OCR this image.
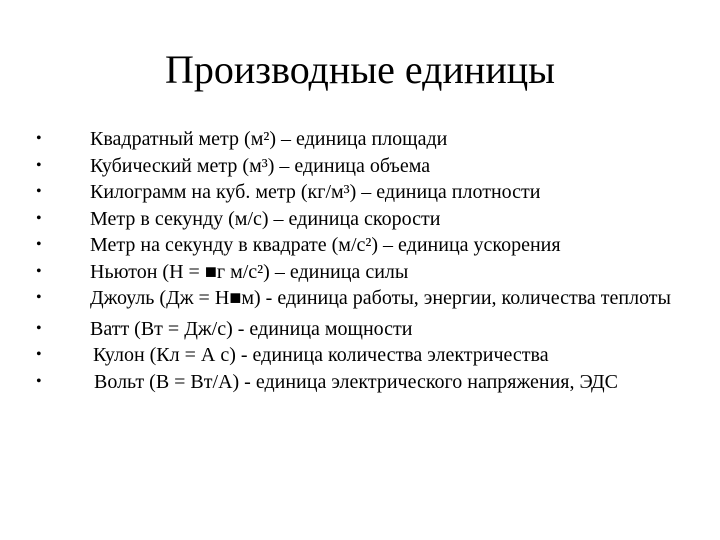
Производные единицы
• Квадратный метр (м²) – единица площади
• Кубический метр (м³) – единица объема
• Килограмм на куб. метр (кг/м³) – единица плотности
• Метр в секунду (м/с) – единица скорости
• Метр на секунду в квадрате (м/с²) – единица ускорения
• Ньютон (Н = ■г м/с²) – единица силы
• Джоуль (Дж = Н■м) - единица работы, энергии, количества теплоты
• Ватт (Вт = Дж/с) - единица мощности
•	Кулон (Кл = А с) - единица количества электричества
•	Вольт (В = Вт/А) - единица электрического напряжения, ЭДС
